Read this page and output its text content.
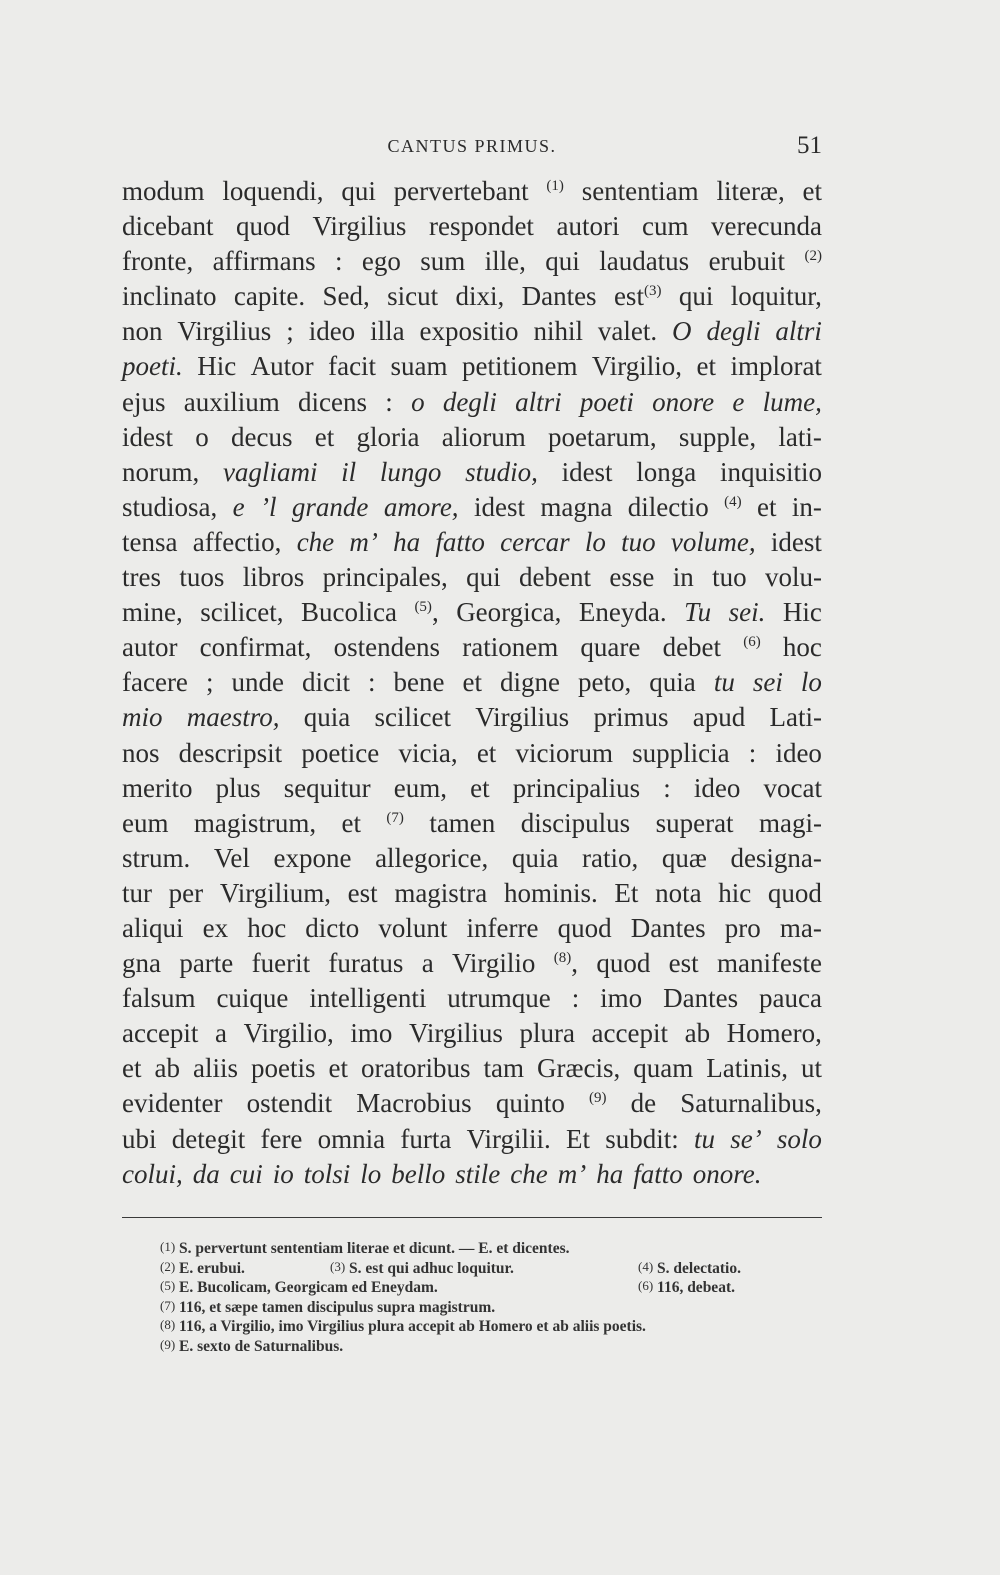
CANTUS PRIMUS.	51
modum loquendi, qui pervertebant $^{(1)}$ sententiam literæ, et
dicebant quod Virgilius respondet autori cum verecunda
fronte, affirmans : ego sum ille, qui laudatus erubuit $^{(2)}$
inclinato capite. Sed, sicut dixi, Dantes est$^{(3)}$ qui loquitur,
non Virgilius ; ideo illa expositio nihil valet. O degli altri
poeti. Hic Autor facit suam petitionem Virgilio, et implorat
ejus auxilium dicens : o degli altri poeti onore e lume,
idest o decus et gloria aliorum poetarum, supple, lati-
norum, vagliami il lungo studio, idest longa inquisitio
studiosa, e ’l grande amore, idest magna dilectio $^{(4)}$ et in-
tensa affectio, che m’ ha fatto cercar lo tuo volume, idest
tres tuos libros principales, qui debent esse in tuo volu-
mine, scilicet, Bucolica $^{(5)}$, Georgica, Eneyda. Tu sei. Hic
autor confirmat, ostendens rationem quare debet $^{(6)}$ hoc
facere ; unde dicit : bene et digne peto, quia tu sei lo
mio maestro, quia scilicet Virgilius primus apud Lati-
nos descripsit poetice vicia, et viciorum supplicia : ideo
merito plus sequitur eum, et principalius : ideo vocat
eum magistrum, et $^{(7)}$ tamen discipulus superat magi-
strum. Vel expone allegorice, quia ratio, quæ designa-
tur per Virgilium, est magistra hominis. Et nota hic quod
aliqui ex hoc dicto volunt inferre quod Dantes pro ma-
gna parte fuerit furatus a Virgilio $^{(8)}$, quod est manifeste
falsum cuique intelligenti utrumque : imo Dantes pauca
accepit a Virgilio, imo Virgilius plura accepit ab Homero,
et ab aliis poetis et oratoribus tam Græcis, quam Latinis, ut
evidenter ostendit Macrobius quinto $^{(9)}$ de Saturnalibus,
ubi detegit fere omnia furta Virgilii. Et subdit: tu se’ solo
colui, da cui io tolsi lo bello stile che m’ ha fatto onore.
(1) S. pervertunt sententiam literae et dicunt. — E. et dicentes.
(2) E. erubui.	(3) S. est qui adhuc loquitur.	(4) S. delectatio.
(5) E. Bucolicam, Georgicam ed Eneydam.	(6) 116, debeat.
(7) 116, et sæpe tamen discipulus supra magistrum.
(8) 116, a Virgilio, imo Virgilius plura accepit ab Homero et ab aliis poetis.
(9) E. sexto de Saturnalibus.
